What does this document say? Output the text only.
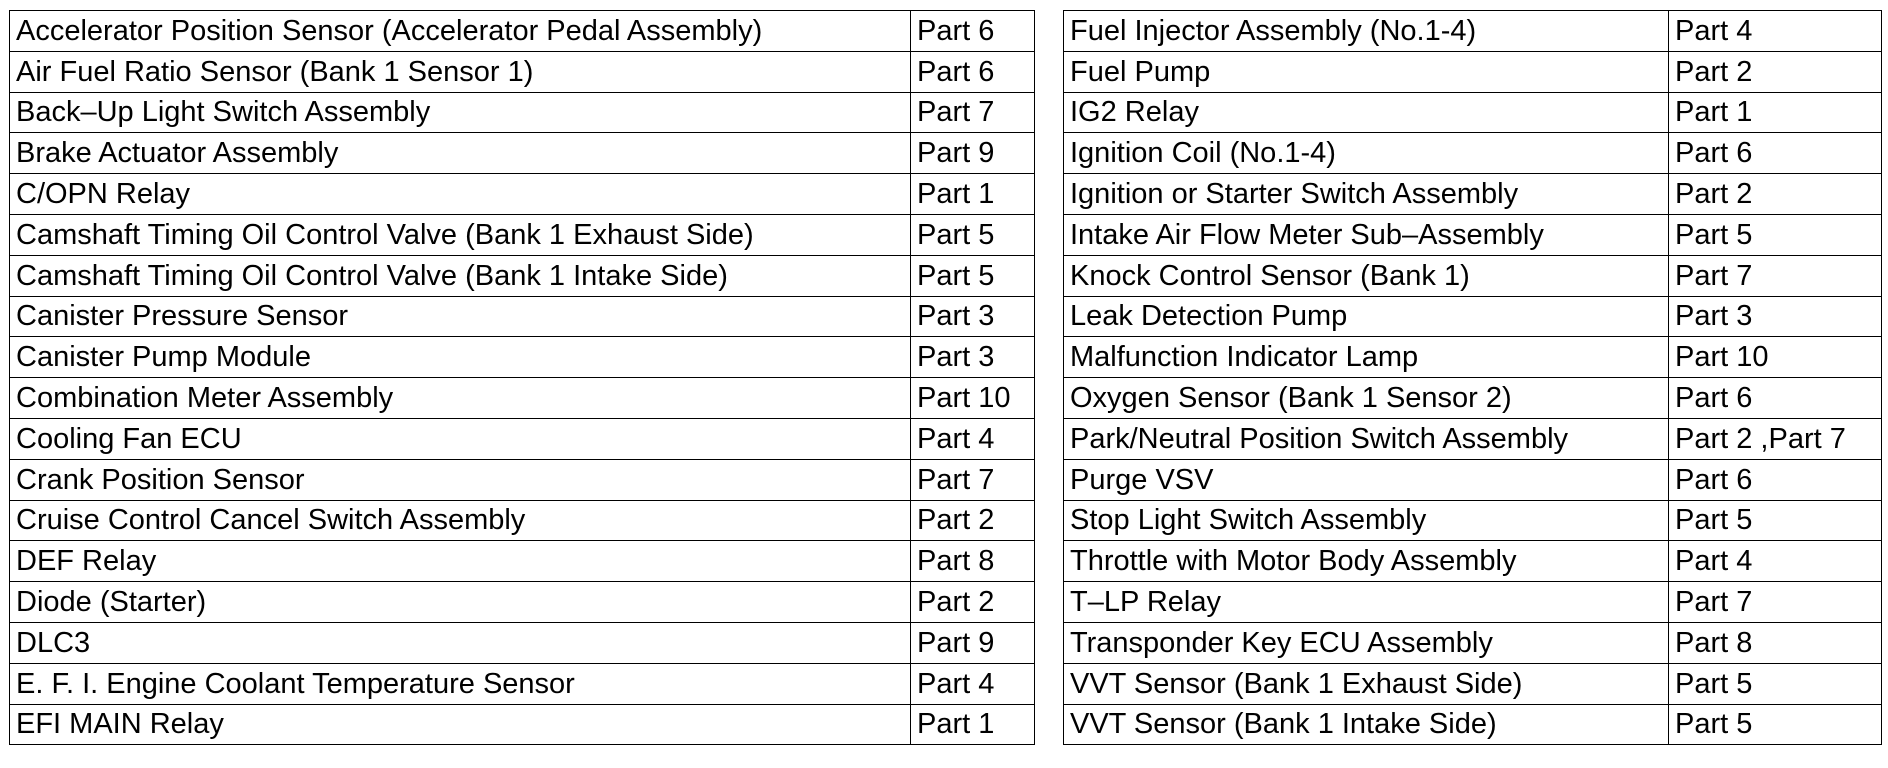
Accelerator Position Sensor (Accelerator Pedal Assembly)	Part 6
Air Fuel Ratio Sensor (Bank 1 Sensor 1)	Part 6
Back–Up Light Switch Assembly	Part 7
Brake Actuator Assembly	Part 9
C/OPN Relay	Part 1
Camshaft Timing Oil Control Valve (Bank 1 Exhaust Side)	Part 5
Camshaft Timing Oil Control Valve (Bank 1 Intake Side)	Part 5
Canister Pressure Sensor	Part 3
Canister Pump Module	Part 3
Combination Meter Assembly	Part 10
Cooling Fan ECU	Part 4
Crank Position Sensor	Part 7
Cruise Control Cancel Switch Assembly	Part 2
DEF Relay	Part 8
Diode (Starter)	Part 2
DLC3	Part 9
E. F. I. Engine Coolant Temperature Sensor	Part 4
EFI MAIN Relay	Part 1
Fuel Injector Assembly (No.1-4)	Part 4
Fuel Pump	Part 2
IG2 Relay	Part 1
Ignition Coil (No.1-4)	Part 6
Ignition or Starter Switch Assembly	Part 2
Intake Air Flow Meter Sub–Assembly	Part 5
Knock Control Sensor (Bank 1)	Part 7
Leak Detection Pump	Part 3
Malfunction Indicator Lamp	Part 10
Oxygen Sensor (Bank 1 Sensor 2)	Part 6
Park/Neutral Position Switch Assembly	Part 2 ,Part 7
Purge VSV	Part 6
Stop Light Switch Assembly	Part 5
Throttle with Motor Body Assembly	Part 4
T–LP Relay	Part 7
Transponder Key ECU Assembly	Part 8
VVT Sensor (Bank 1 Exhaust Side)	Part 5
VVT Sensor (Bank 1 Intake Side)	Part 5
